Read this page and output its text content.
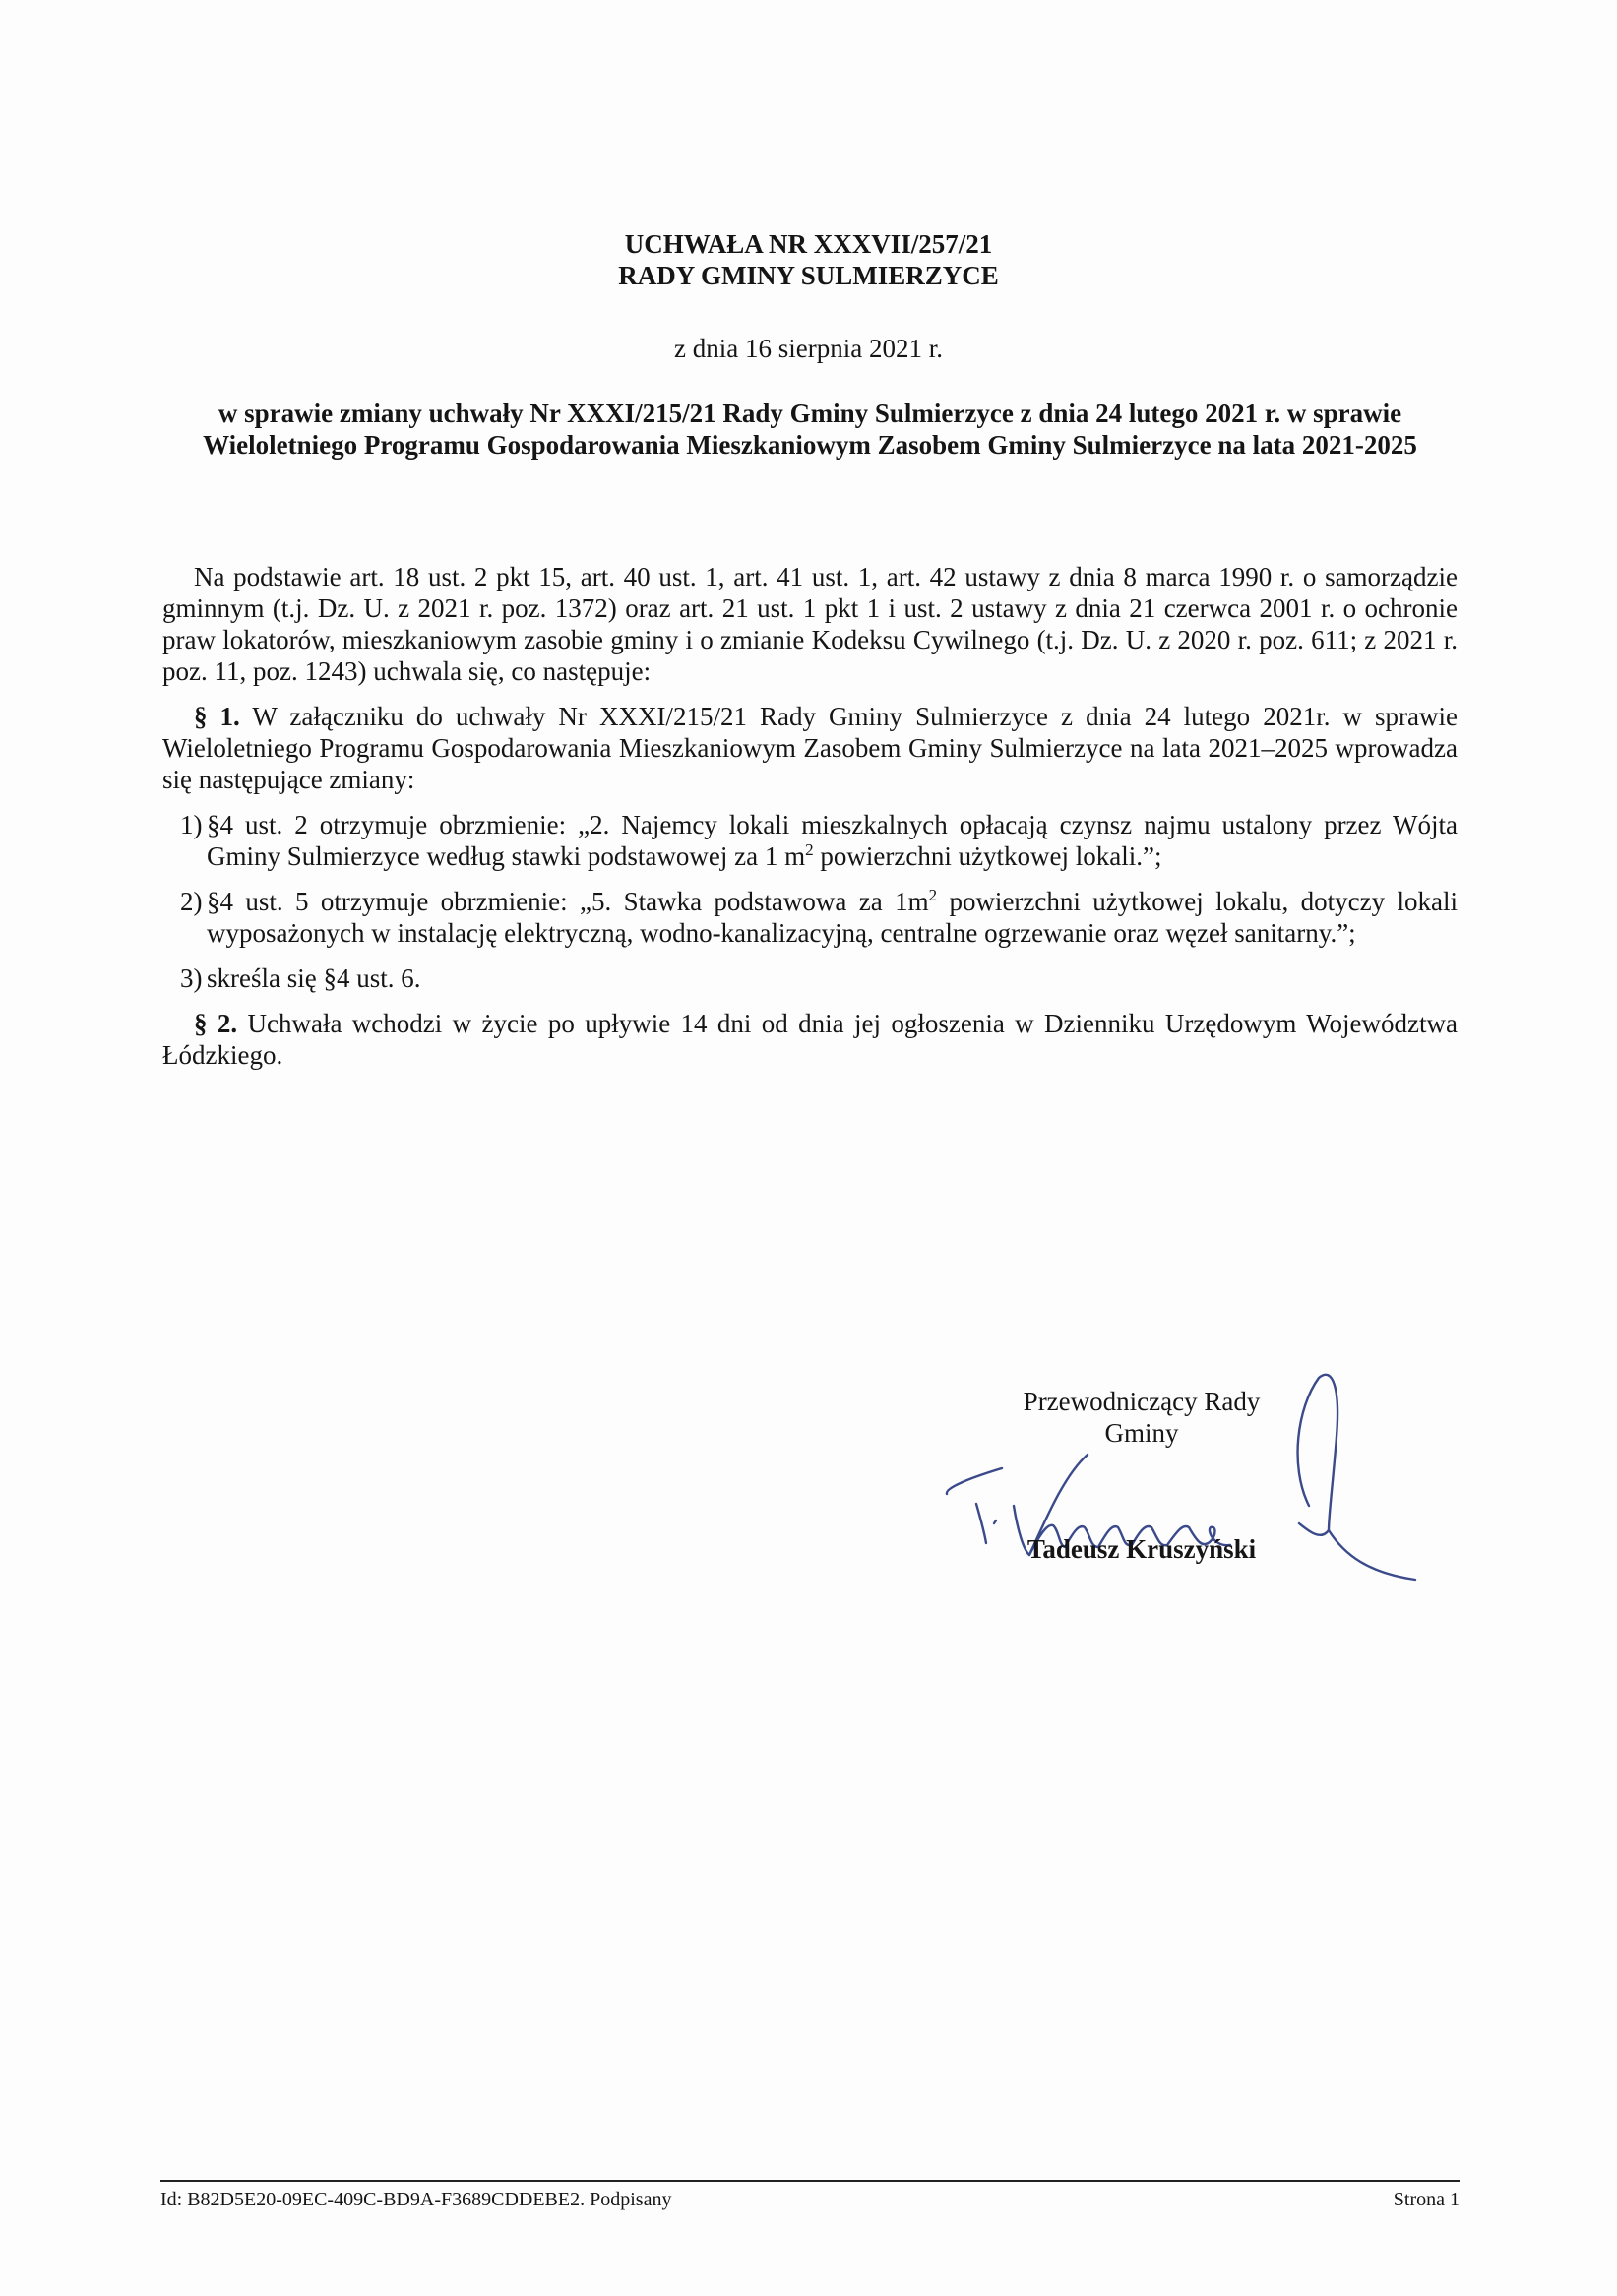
UCHWAŁA NR XXXVII/257/21
RADY GMINY SULMIERZYCE
z dnia 16 sierpnia 2021 r.
w sprawie zmiany uchwały Nr XXXI/215/21 Rady Gminy Sulmierzyce z dnia 24 lutego 2021 r. w sprawie Wieloletniego Programu Gospodarowania Mieszkaniowym Zasobem Gminy Sulmierzyce na lata 2021-2025

Na podstawie art. 18 ust. 2 pkt 15, art. 40 ust. 1, art. 41 ust. 1, art. 42 ustawy z dnia 8 marca 1990 r. o samorządzie gminnym (t.j. Dz. U. z 2021 r. poz. 1372) oraz art. 21 ust. 1 pkt 1 i ust. 2 ustawy z dnia 21 czerwca 2001 r. o ochronie praw lokatorów, mieszkaniowym zasobie gminy i o zmianie Kodeksu Cywilnego (t.j. Dz. U. z 2020 r. poz. 611; z 2021 r. poz. 11, poz. 1243) uchwala się, co następuje:

§ 1. W załączniku do uchwały Nr XXXI/215/21 Rady Gminy Sulmierzyce z dnia 24 lutego 2021r. w sprawie Wieloletniego Programu Gospodarowania Mieszkaniowym Zasobem Gminy Sulmierzyce na lata 2021–2025 wprowadza się następujące zmiany:

1) §4 ust. 2 otrzymuje obrzmienie: „2. Najemcy lokali mieszkalnych opłacają czynsz najmu ustalony przez Wójta Gminy Sulmierzyce według stawki podstawowej za 1 $m^2$ powierzchni użytkowej lokali.”;
2) §4 ust. 5 otrzymuje obrzmienie: „5. Stawka podstawowa za $1m^2$ powierzchni użytkowej lokalu, dotyczy lokali wyposażonych w instalację elektryczną, wodno-kanalizacyjną, centralne ogrzewanie oraz węzeł sanitarny.”;
3) skreśla się §4 ust. 6.

§ 2. Uchwała wchodzi w życie po upływie 14 dni od dnia jej ogłoszenia w Dzienniku Urzędowym Województwa Łódzkiego.

Przewodniczący Rady
Gminy
Tadeusz Kruszyński
Id: B82D5E20-09EC-409C-BD9A-F3689CDDEBE2. Podpisany	Strona 1
